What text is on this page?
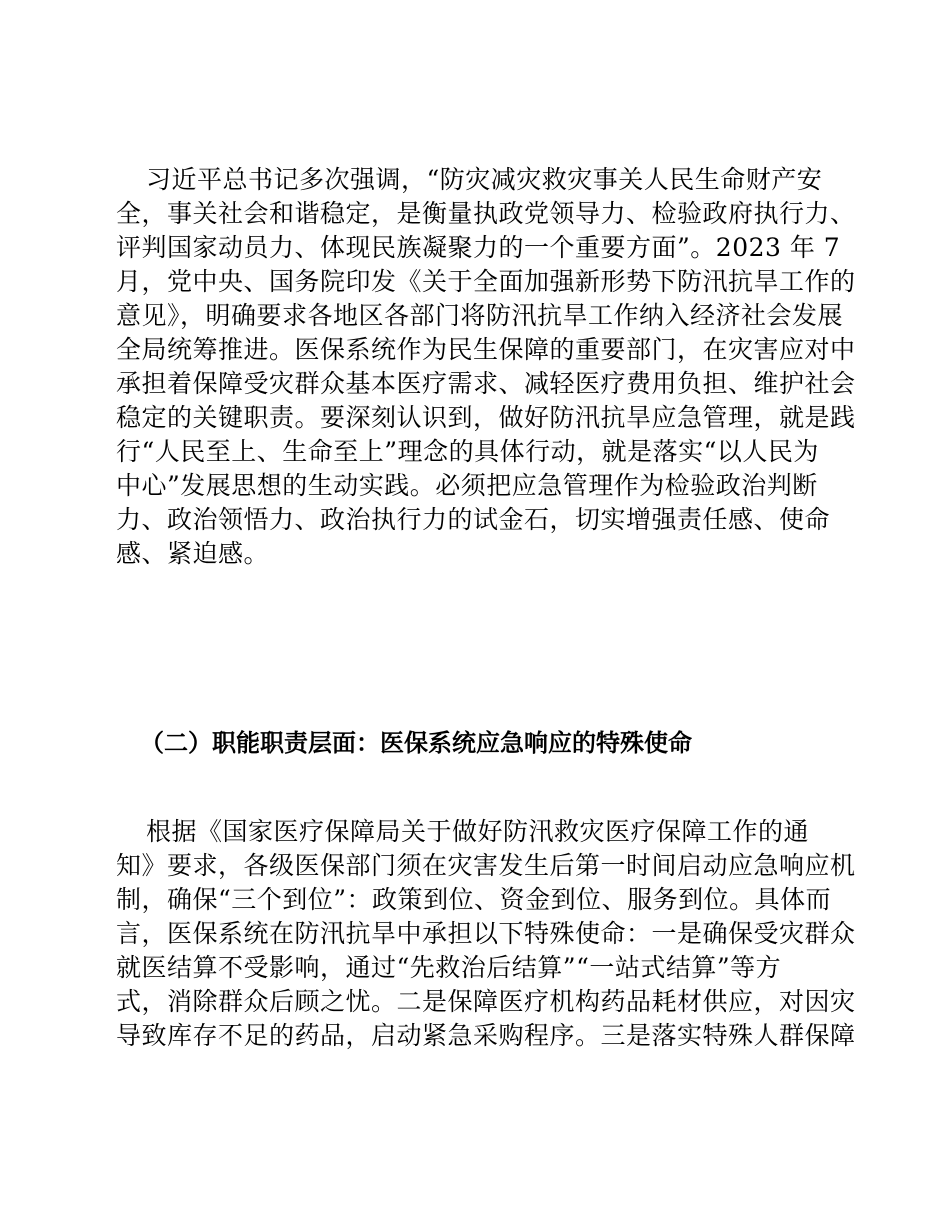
习近平总书记多次强调，“防灾减灾救灾事关人民生命财产安
全，事关社会和谐稳定，是衡量执政党领导力、检验政府执行力、
评判国家动员力、体现民族凝聚力的一个重要方面”。2023 年 7
月，党中央、国务院印发《关于全面加强新形势下防汛抗旱工作的
意见》，明确要求各地区各部门将防汛抗旱工作纳入经济社会发展
全局统筹推进。医保系统作为民生保障的重要部门，在灾害应对中
承担着保障受灾群众基本医疗需求、减轻医疗费用负担、维护社会
稳定的关键职责。要深刻认识到，做好防汛抗旱应急管理，就是践
行“人民至上、生命至上”理念的具体行动，就是落实“以人民为
中心”发展思想的生动实践。必须把应急管理作为检验政治判断
力、政治领悟力、政治执行力的试金石，切实增强责任感、使命
感、紧迫感。
（二）职能职责层面：医保系统应急响应的特殊使命
根据《国家医疗保障局关于做好防汛救灾医疗保障工作的通
知》要求，各级医保部门须在灾害发生后第一时间启动应急响应机
制，确保“三个到位”：政策到位、资金到位、服务到位。具体而
言，医保系统在防汛抗旱中承担以下特殊使命：一是确保受灾群众
就医结算不受影响，通过“先救治后结算”“一站式结算”等方
式，消除群众后顾之忧。二是保障医疗机构药品耗材供应，对因灾
导致库存不足的药品，启动紧急采购程序。三是落实特殊人群保障
